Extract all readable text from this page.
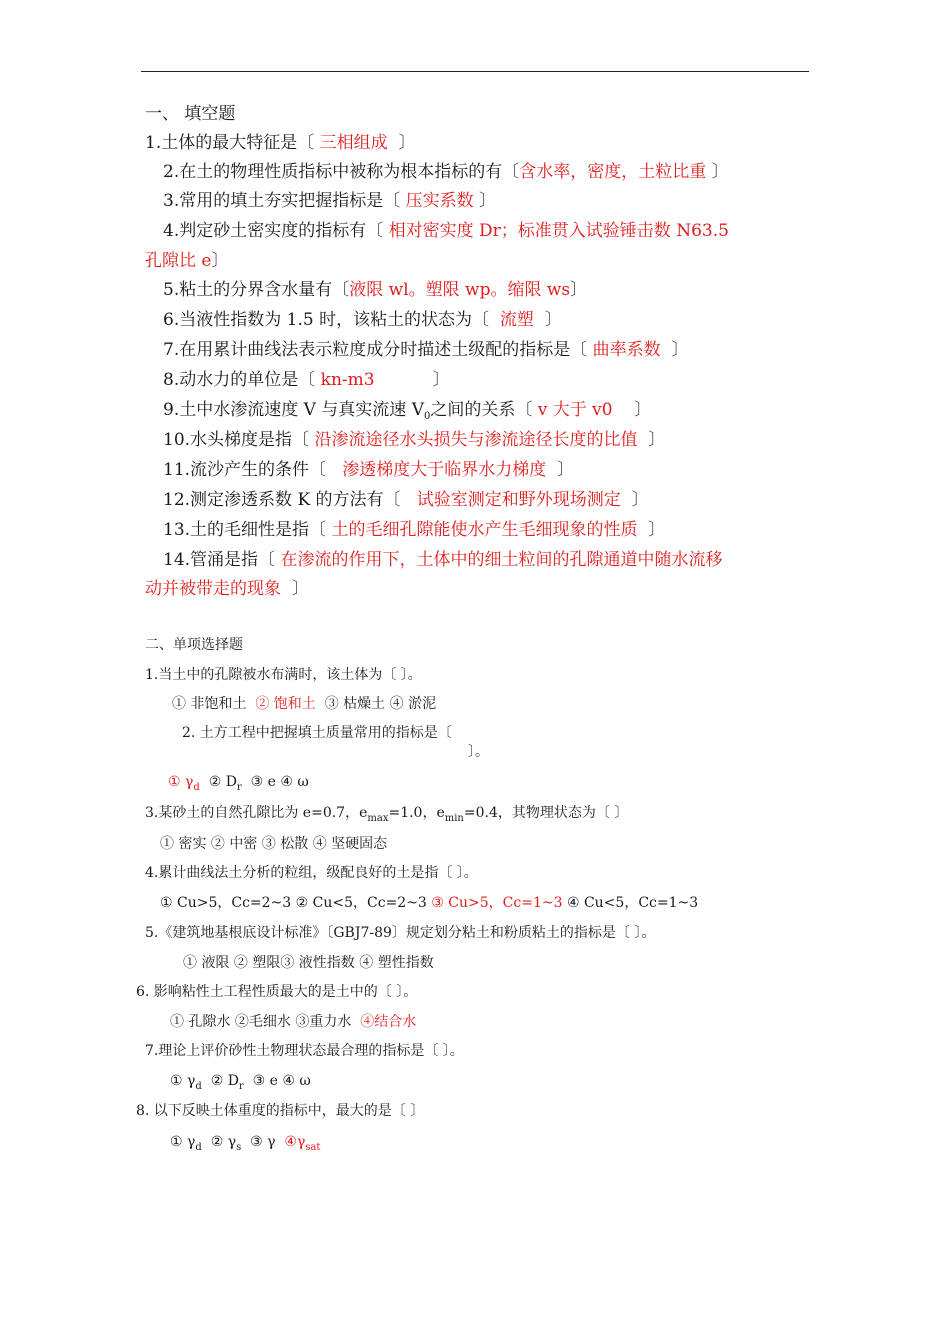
一、 填空题
1.土体的最大特征是〔 三相组成 〕
2.在土的物理性质指标中被称为根本指标的有〔含水率，密度，土粒比重 〕
3.常用的填土夯实把握指标是〔 压实系数 〕
4.判定砂土密实度的指标有〔 相对密实度 Dr；标准贯入试验锤击数 N63.5
孔隙比 e〕
5.粘土的分界含水量有〔液限 wl。塑限 wp。缩限 ws〕
6.当液性指数为 1.5 时，该粘土的状态为〔 流塑 〕
7.在用累计曲线法表示粒度成分时描述土级配的指标是〔 曲率系数 〕
8.动水力的单位是〔 kn-m3	〕
9.土中水渗流速度 V 与真实流速 $V_0$之间的关系〔 v 大于 v0 〕
10.水头梯度是指〔 沿渗流途径水头损失与渗流途径长度的比值 〕
11.流沙产生的条件〔 渗透梯度大于临界水力梯度 〕
12.测定渗透系数 K 的方法有〔 试验室测定和野外现场测定 〕
13.土的毛细性是指〔 土的毛细孔隙能使水产生毛细现象的性质 〕
14.管涌是指〔 在渗流的作用下，土体中的细土粒间的孔隙通道中随水流移
动并被带走的现象 〕
二、单项选择题
1.当土中的孔隙被水布满时，该土体为〔 〕。
① 非饱和土 ② 饱和土 ③ 枯燥土 ④ 淤泥
2. 土方工程中把握填土质量常用的指标是〔
〕。
① $\gamma_d$ ② $D_r$ ③ e ④ ω
3.某砂土的自然孔隙比为 e=0.7，$e_{max}=1.0$，$e_{min}=0.4$，其物理状态为〔 〕
① 密实 ② 中密 ③ 松散 ④ 坚硬固态
4.累计曲线法土分析的粒组，级配良好的土是指〔 〕。
① Cu>5，Cc=2~3 ② Cu<5，Cc=2~3 ③ Cu>5，Cc=1~3 ④ Cu<5，Cc=1~3
5.《建筑地基根底设计标准》〔GBJ7-89〕规定划分粘土和粉质粘土的指标是〔 〕。
① 液限 ② 塑限③ 液性指数 ④ 塑性指数
6. 影响粘性土工程性质最大的是土中的〔 〕。
① 孔隙水 ②毛细水 ③重力水 ④结合水
7.理论上评价砂性土物理状态最合理的指标是〔 〕。
① $\gamma_d$ ② $D_r$ ③ e ④ ω
8. 以下反映土体重度的指标中，最大的是〔 〕
① $\gamma_d$ ② $\gamma_s$ ③ γ $④\gamma_{sat}$
